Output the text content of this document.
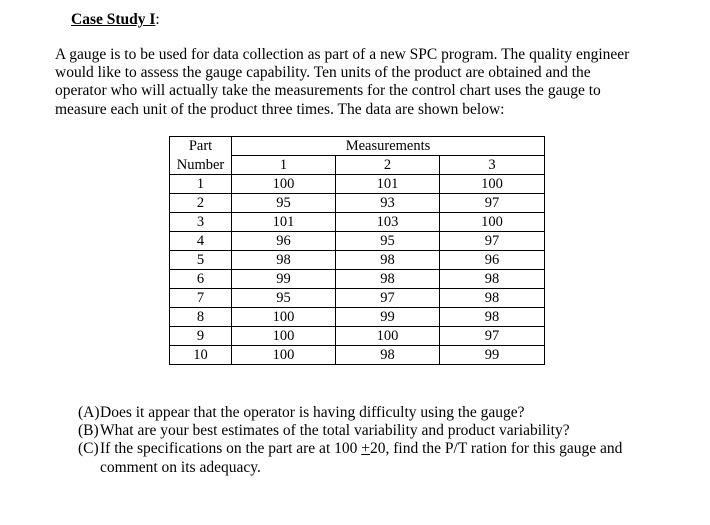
Case Study I:

A gauge is to be used for data collection as part of a new SPC program. The quality engineer
would like to assess the gauge capability. Ten units of the product are obtained and the
operator who will actually take the measurements for the control chart uses the gauge to
measure each unit of the product three times. The data are shown below:

Part	Measurements		
Number	1	2	3
1	100	101	100
2	95	93	97
3	101	103	100
4	96	95	97
5	98	98	96
6	99	98	98
7	95	97	98
8	100	99	98
9	100	100	97
10	100	98	99
(A) Does it appear that the operator is having difficulty using the gauge?
(B) What are your best estimates of the total variability and product variability?
(C) If the specifications on the part are at 100 +20, find the P/T ration for this gauge and
comment on its adequacy.
